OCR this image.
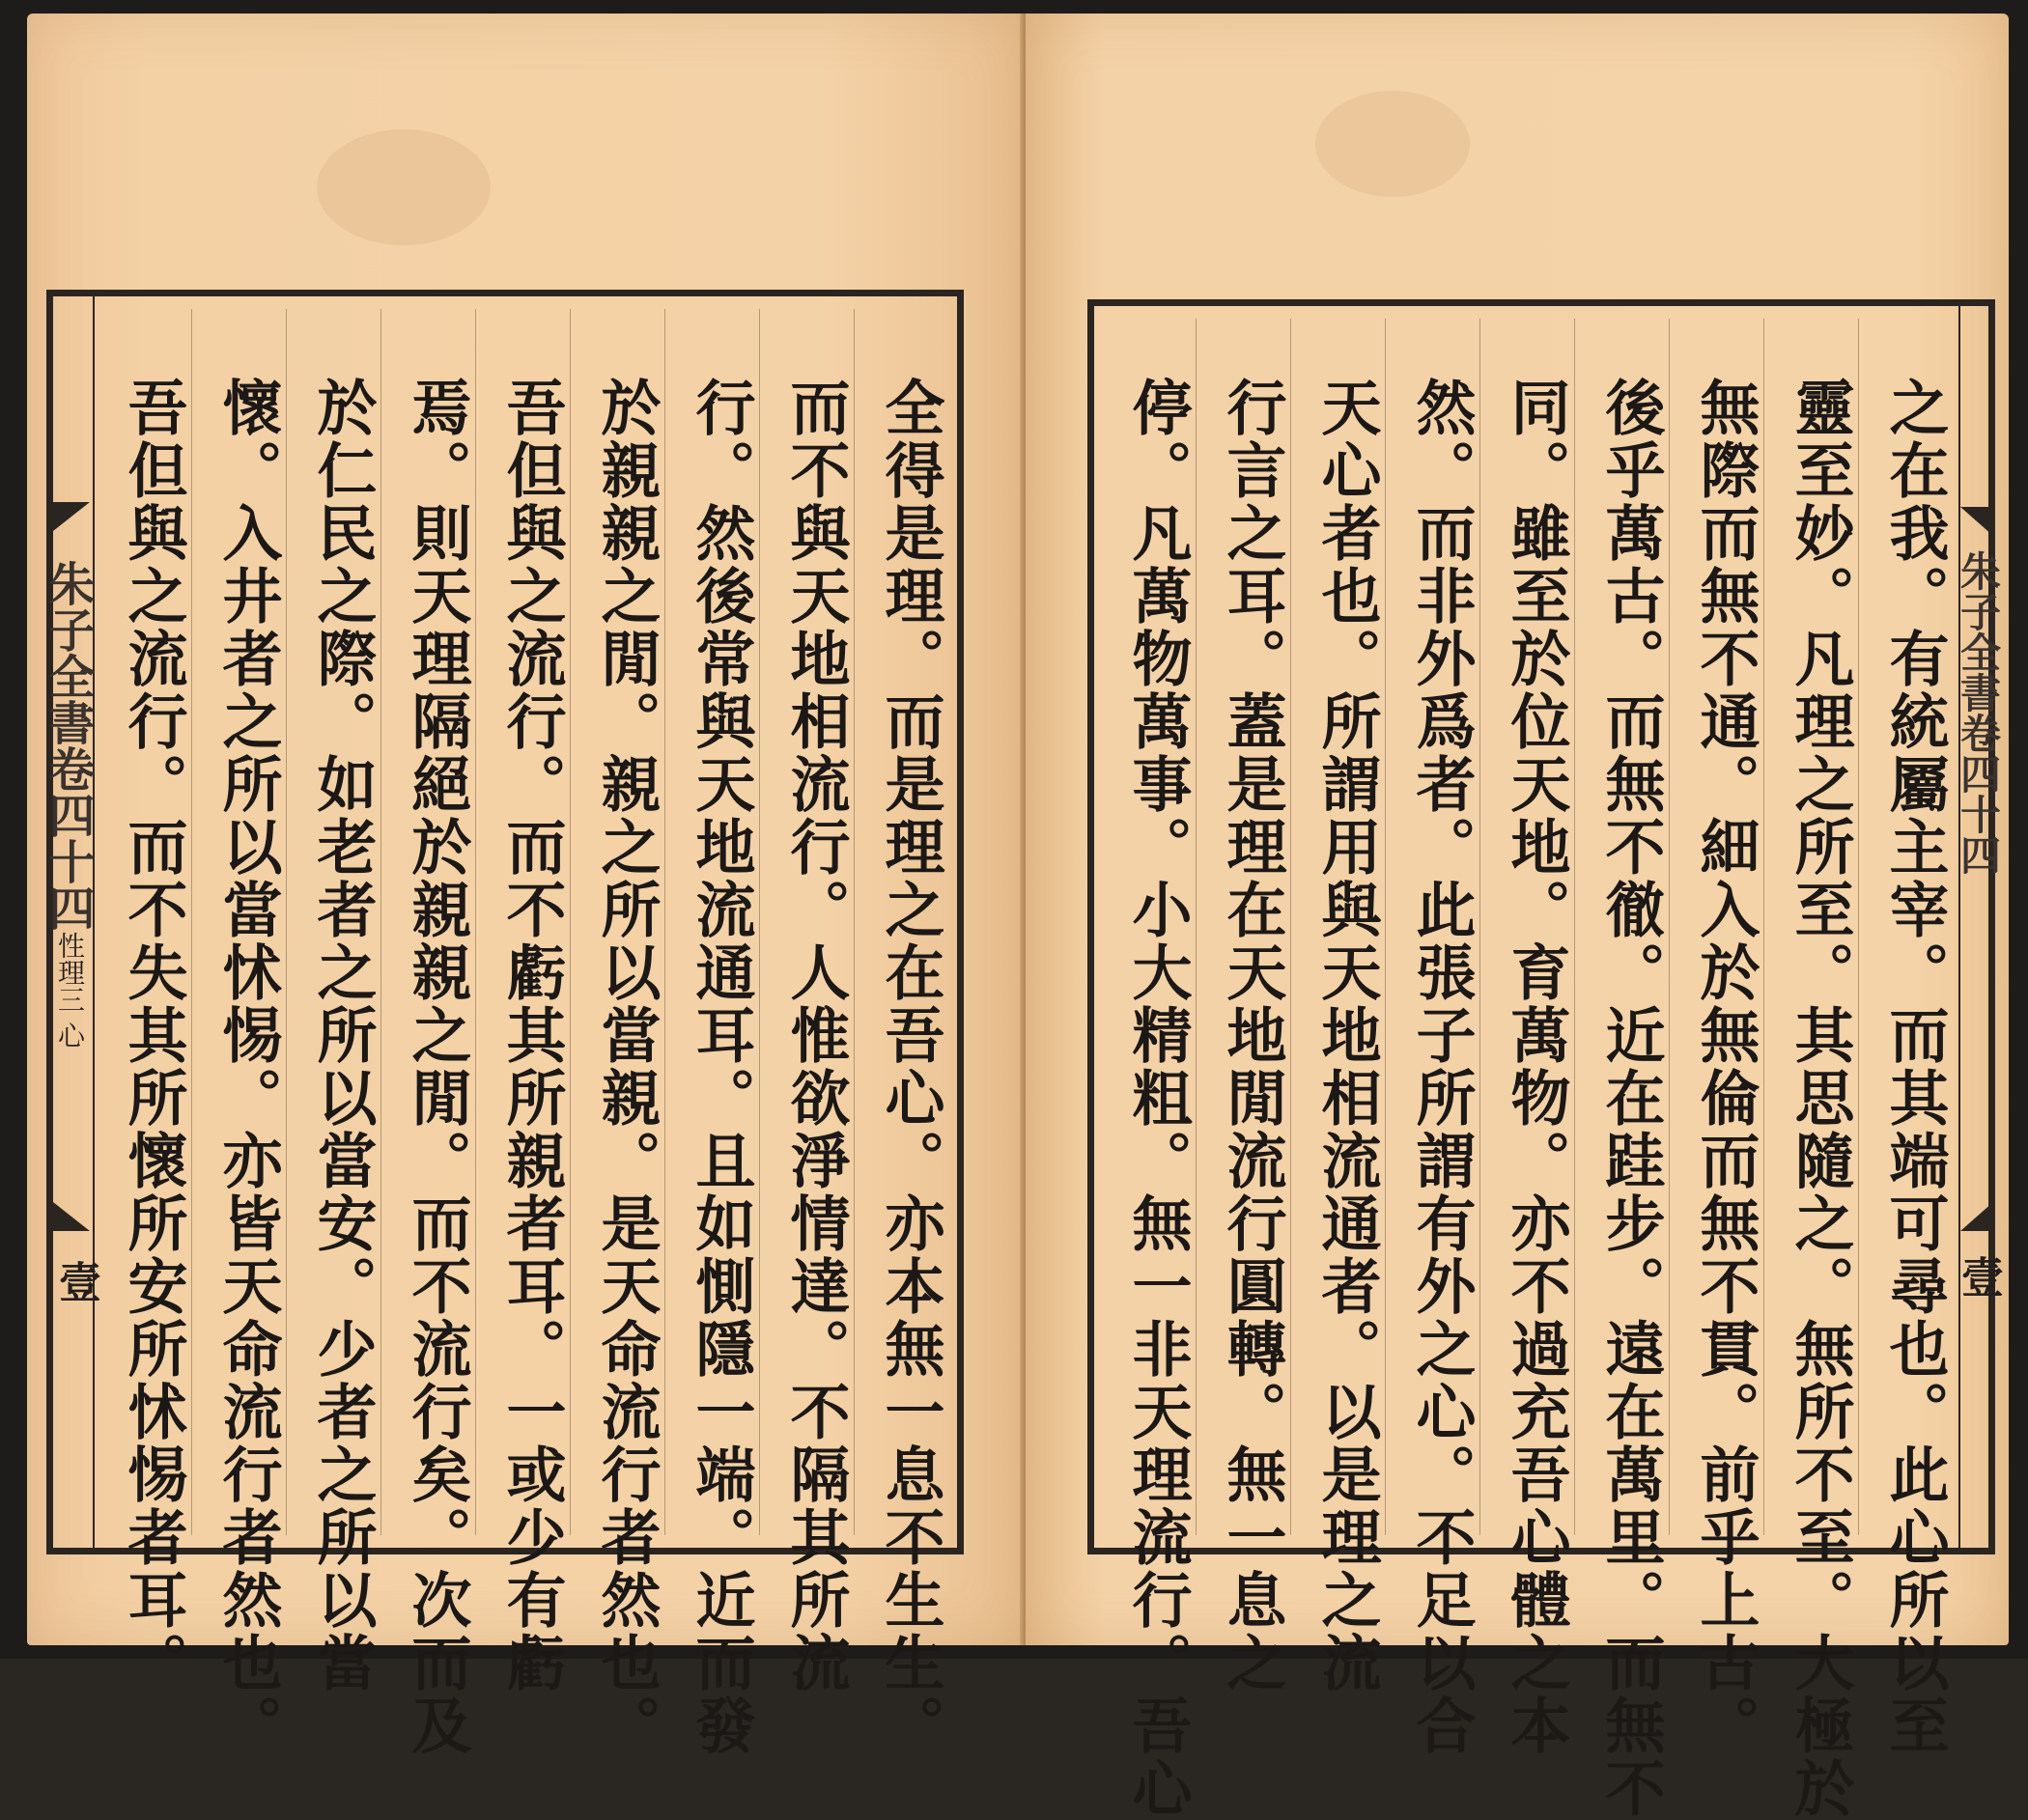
朱子全書卷四十四
性理三 心
壹	全得是理。而是理之在吾心。亦本無一息不生生。
而不與天地相流行。人惟欲淨情達。不隔其所流
行。然後常與天地流通耳。且如惻隱一端。近而發
於親親之閒。親之所以當親。是天命流行者然也。
吾但與之流行。而不虧其所親者耳。一或少有虧
焉。則天理隔絕於親親之閒。而不流行矣。次而及
於仁民之際。如老者之所以當安。少者之所以當
懷。入井者之所以當怵惕。亦皆天命流行者然也。
吾但與之流行。而不失其所懷所安所怵惕者耳。	朱子全書卷四十四
壹
之在我。有統屬主宰。而其端可尋也。此心所以至
靈至妙。凡理之所至。其思隨之。無所不至。大極於
無際而無不通。細入於無倫而無不貫。前乎上古。
後乎萬古。而無不徹。近在跬步。遠在萬里。而無不
同。雖至於位天地。育萬物。亦不過充吾心體之本
然。而非外爲者。此張子所謂有外之心。不足以合
天心者也。所謂用與天地相流通者。以是理之流
行言之耳。蓋是理在天地閒流行圓轉。無一息之
停。凡萬物萬事。小大精粗。無一非天理流行。吾心
